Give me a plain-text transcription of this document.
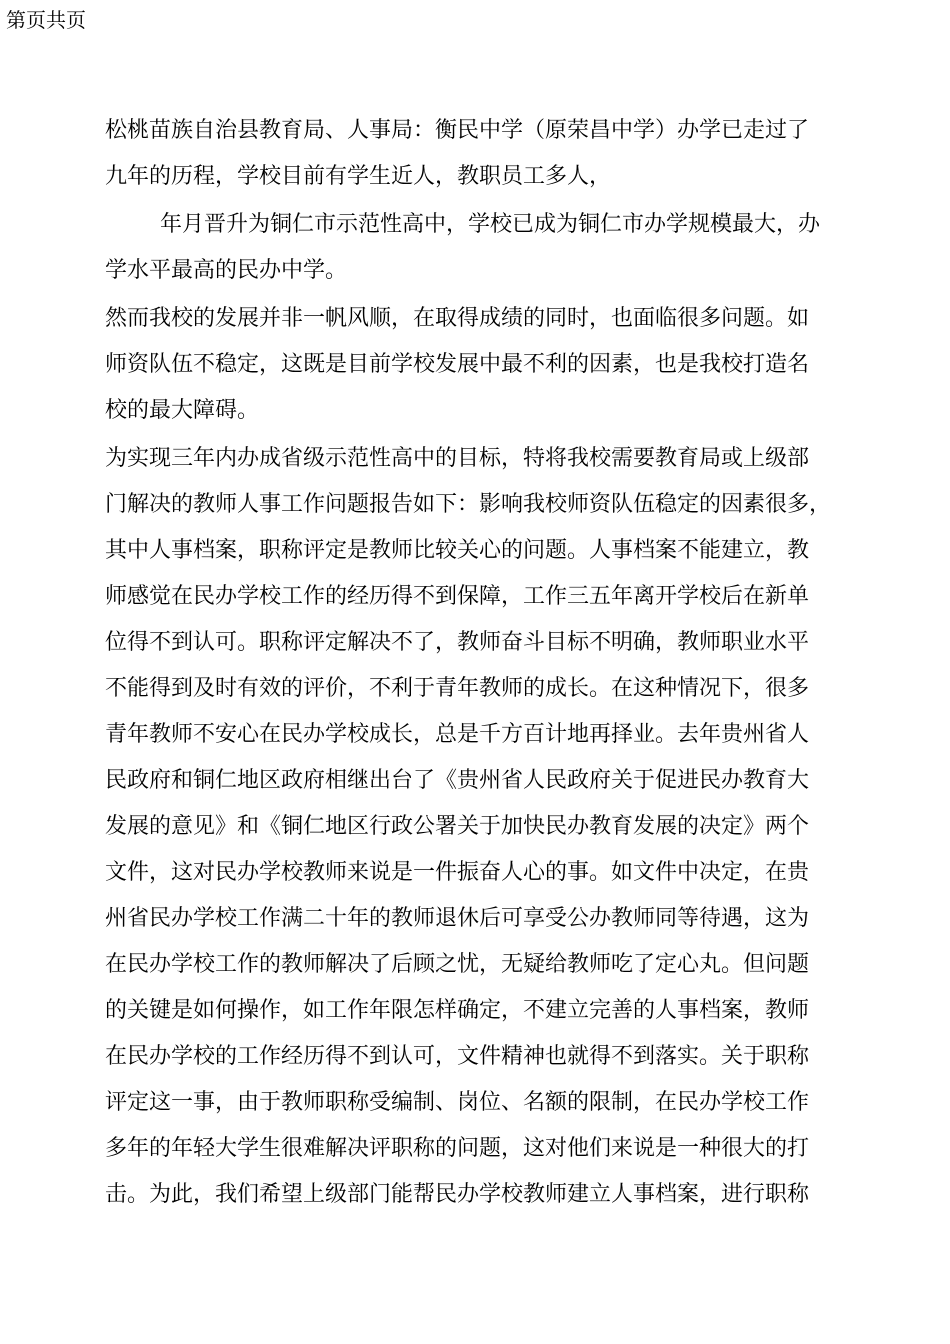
第页共页
松桃苗族自治县教育局、人事局：衡民中学（原荣昌中学）办学已走过了
九年的历程，学校目前有学生近人，教职员工多人，
年月晋升为铜仁市示范性高中，学校已成为铜仁市办学规模最大，办
学水平最高的民办中学。
然而我校的发展并非一帆风顺，在取得成绩的同时，也面临很多问题。如
师资队伍不稳定，这既是目前学校发展中最不利的因素，也是我校打造名
校的最大障碍。
为实现三年内办成省级示范性高中的目标，特将我校需要教育局或上级部
门解决的教师人事工作问题报告如下：影响我校师资队伍稳定的因素很多，
其中人事档案，职称评定是教师比较关心的问题。人事档案不能建立，教
师感觉在民办学校工作的经历得不到保障，工作三五年离开学校后在新单
位得不到认可。职称评定解决不了，教师奋斗目标不明确，教师职业水平
不能得到及时有效的评价，不利于青年教师的成长。在这种情况下，很多
青年教师不安心在民办学校成长，总是千方百计地再择业。去年贵州省人
民政府和铜仁地区政府相继出台了《贵州省人民政府关于促进民办教育大
发展的意见》和《铜仁地区行政公署关于加快民办教育发展的决定》两个
文件，这对民办学校教师来说是一件振奋人心的事。如文件中决定，在贵
州省民办学校工作满二十年的教师退休后可享受公办教师同等待遇，这为
在民办学校工作的教师解决了后顾之忧，无疑给教师吃了定心丸。但问题
的关键是如何操作，如工作年限怎样确定，不建立完善的人事档案，教师
在民办学校的工作经历得不到认可，文件精神也就得不到落实。关于职称
评定这一事，由于教师职称受编制、岗位、名额的限制，在民办学校工作
多年的年轻大学生很难解决评职称的问题，这对他们来说是一种很大的打
击。为此，我们希望上级部门能帮民办学校教师建立人事档案，进行职称
